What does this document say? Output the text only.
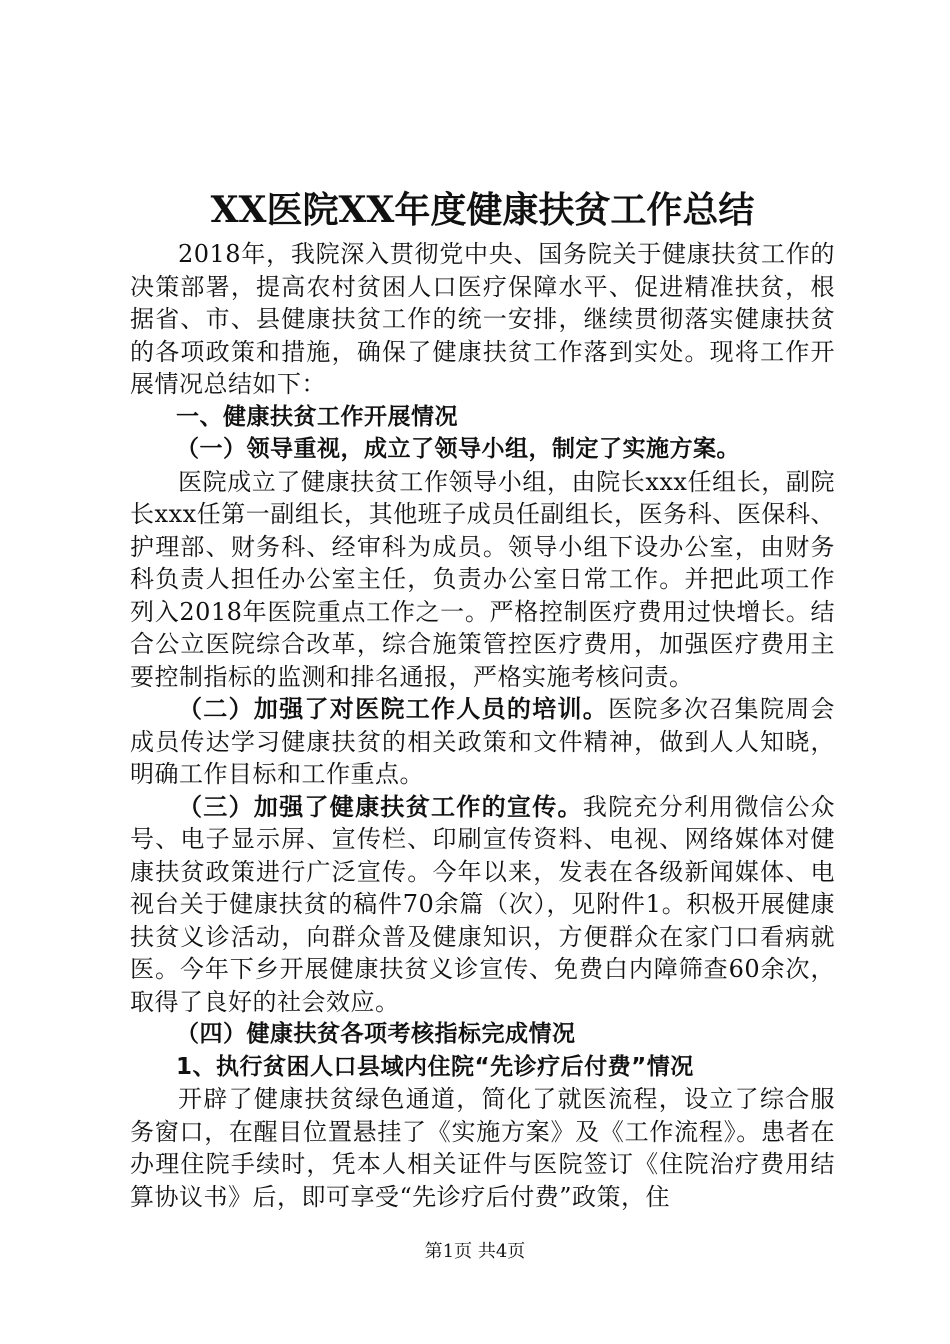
XX医院XX年度健康扶贫工作总结

2018年，我院深入贯彻党中央、国务院关于健康扶贫工作的决策部署，提高农村贫困人口医疗保障水平、促进精准扶贫，根据省、市、县健康扶贫工作的统一安排，继续贯彻落实健康扶贫的各项政策和措施，确保了健康扶贫工作落到实处。现将工作开展情况总结如下：

一、健康扶贫工作开展情况

（一）领导重视，成立了领导小组，制定了实施方案。

医院成立了健康扶贫工作领导小组，由院长xxx任组长，副院长xxx任第一副组长，其他班子成员任副组长，医务科、医保科、护理部、财务科、经审科为成员。领导小组下设办公室，由财务科负责人担任办公室主任，负责办公室日常工作。并把此项工作列入2018年医院重点工作之一。严格控制医疗费用过快增长。结合公立医院综合改革，综合施策管控医疗费用，加强医疗费用主要控制指标的监测和排名通报，严格实施考核问责。

（二）加强了对医院工作人员的培训。医院多次召集院周会成员传达学习健康扶贫的相关政策和文件精神，做到人人知晓，明确工作目标和工作重点。

（三）加强了健康扶贫工作的宣传。我院充分利用微信公众号、电子显示屏、宣传栏、印刷宣传资料、电视、网络媒体对健康扶贫政策进行广泛宣传。今年以来，发表在各级新闻媒体、电视台关于健康扶贫的稿件70余篇（次），见附件1。积极开展健康扶贫义诊活动，向群众普及健康知识，方便群众在家门口看病就医。今年下乡开展健康扶贫义诊宣传、免费白内障筛查60余次，取得了良好的社会效应。

（四）健康扶贫各项考核指标完成情况

1、执行贫困人口县域内住院“先诊疗后付费”情况

开辟了健康扶贫绿色通道，简化了就医流程，设立了综合服务窗口，在醒目位置悬挂了《实施方案》及《工作流程》。患者在办理住院手续时，凭本人相关证件与医院签订《住院治疗费用结算协议书》后，即可享受“先诊疗后付费”政策，住

第1页 共4页
